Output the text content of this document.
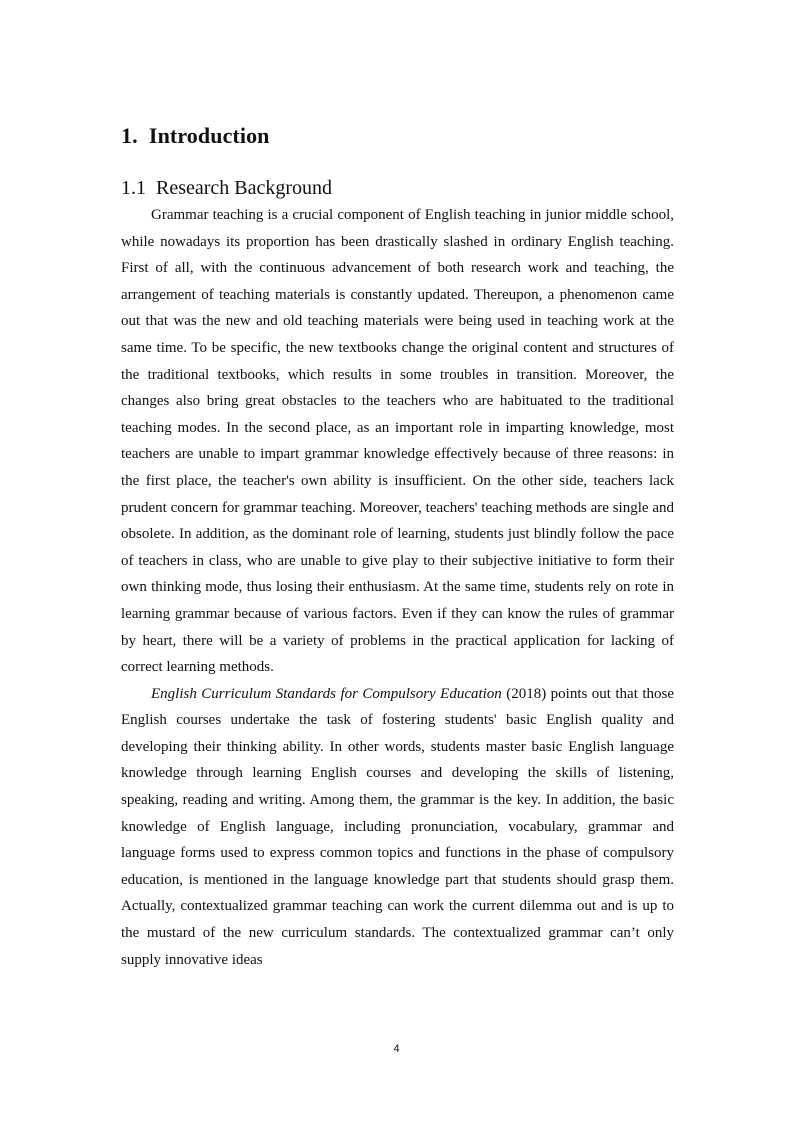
1. Introduction
1.1 Research Background

Grammar teaching is a crucial component of English teaching in junior middle school, while nowadays its proportion has been drastically slashed in ordinary English teaching. First of all, with the continuous advancement of both research work and teaching, the arrangement of teaching materials is constantly updated. Thereupon, a phenomenon came out that was the new and old teaching materials were being used in teaching work at the same time. To be specific, the new textbooks change the original content and structures of the traditional textbooks, which results in some troubles in transition. Moreover, the changes also bring great obstacles to the teachers who are habituated to the traditional teaching modes. In the second place, as an important role in imparting knowledge, most teachers are unable to impart grammar knowledge effectively because of three reasons: in the first place, the teacher's own ability is insufficient. On the other side, teachers lack prudent concern for grammar teaching. Moreover, teachers' teaching methods are single and obsolete. In addition, as the dominant role of learning, students just blindly follow the pace of teachers in class, who are unable to give play to their subjective initiative to form their own thinking mode, thus losing their enthusiasm. At the same time, students rely on rote in learning grammar because of various factors. Even if they can know the rules of grammar by heart, there will be a variety of problems in the practical application for lacking of correct learning methods.

English Curriculum Standards for Compulsory Education (2018) points out that those English courses undertake the task of fostering students' basic English quality and developing their thinking ability. In other words, students master basic English language knowledge through learning English courses and developing the skills of listening, speaking, reading and writing. Among them, the grammar is the key. In addition, the basic knowledge of English language, including pronunciation, vocabulary, grammar and language forms used to express common topics and functions in the phase of compulsory education, is mentioned in the language knowledge part that students should grasp them. Actually, contextualized grammar teaching can work the current dilemma out and is up to the mustard of the new curriculum standards. The contextualized grammar can’t only supply innovative ideas

4
